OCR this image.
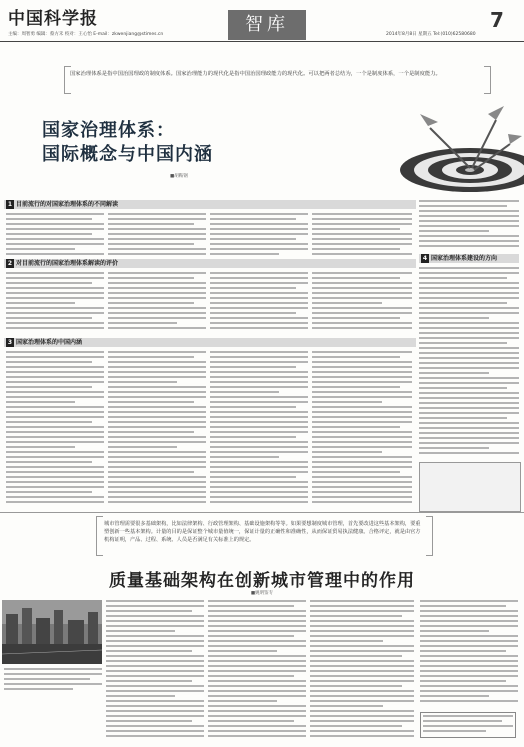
中国科学报
主编：周智勇 编辑：蔡方禾 校对：王心怡 E-mail：zkwenjiang@stimes.cn	智库	2014年8月8日 星期五 Tel:(010)62580680
7
国家治理体系是指中国治国理政的制度体系。国家治理能力的现代化是指中国治国理政能力的现代化。可以把两者总结为，一个是制度体系，一个是制度能力。
国家治理体系：
国际概念与中国内涵
■胡鞍钢
1 目前流行的对国家治理体系的不同解读
2 对目前流行的国家治理体系解读的评价
3 国家治理体系的中国内涵
4 国家治理体系建设的方向
城市管理需要很多基础架构，比如法律架构、行政管理架构、基础设施架构等等。如果要想制度城市管理，首先要改进这些基本架构，要重塑创新一些基本架构。计量的目的是保证整个城市量值统一，保证计量的正确性和准确性，从而保证贸易执法健康。合格评定，就是由官方机构证明，产品、过程、系统、人员是否满足有关标准上的规定。
质量基础架构在创新城市管理中的作用
■姚明鉴专
